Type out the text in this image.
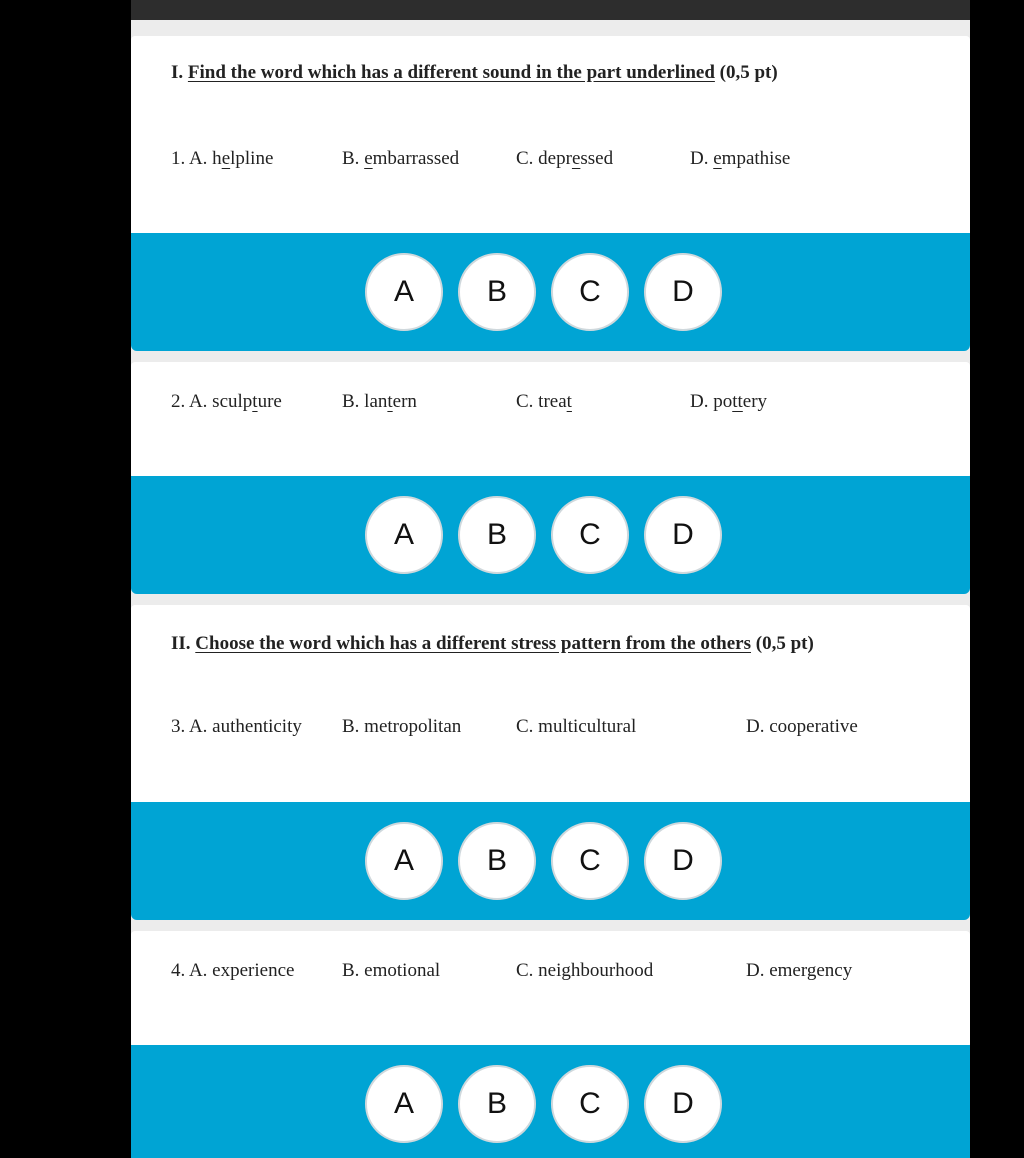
I. Find the word which has a different sound in the part underlined (0,5 pt)
1. A. helpline	B. embarrassed	C. depressed	D. empathise
A	B	C	D
2. A. sculpture	B. lantern	C. treat	D. pottery
A	B	C	D
II. Choose the word which has a different stress pattern from the others (0,5 pt)
3. A. authenticity B. metropolitan	C. multicultural	D. cooperative
A	B	C	D
4. A. experience	B. emotional	C. neighbourhood	D. emergency
A	B	C	D
